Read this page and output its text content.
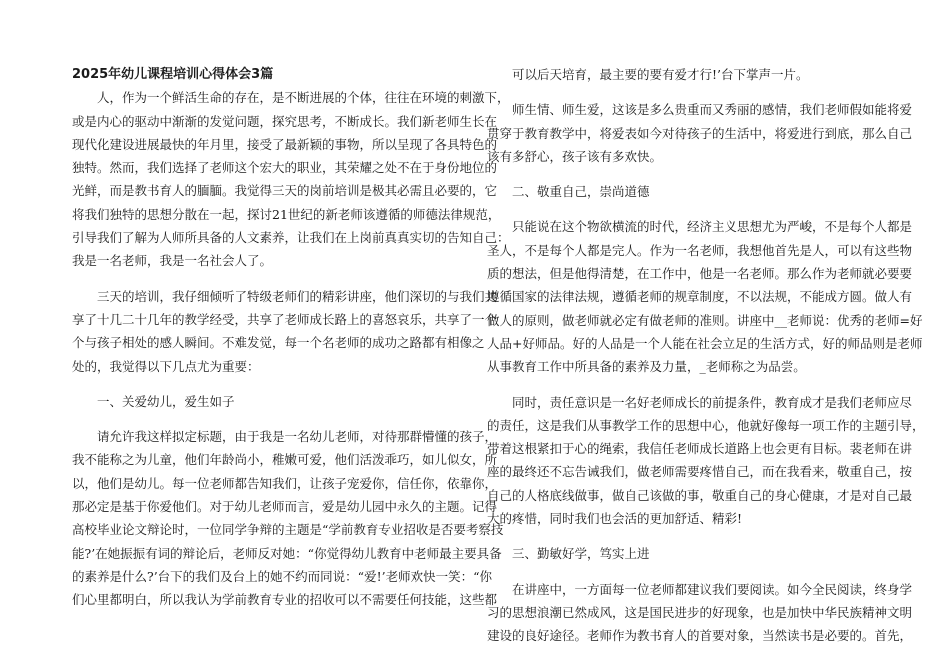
2025年幼儿课程培训心得体会3篇
人，作为一个鲜活生命的存在，是不断进展的个体，往往在环境的刺激下，
或是内心的驱动中渐渐的发觉问题，探究思考，不断成长。我们新老师生长在
现代化建设进展最快的年月里，接受了最新颖的事物，所以呈现了各具特色的
独特。然而，我们选择了老师这个宏大的职业，其荣耀之处不在于身份地位的
光鲜，而是教书育人的腼腼。我觉得三天的岗前培训是极其必需且必要的，它
将我们独特的思想分散在一起，探讨21世纪的新老师该遵循的师德法律规范，
引导我们了解为人师所具备的人文素养，让我们在上岗前真真实切的告知自己：
我是一名老师，我是一名社会人了。
三天的培训，我仔细倾听了特级老师们的精彩讲座，他们深切的与我们共
享了十几二十几年的教学经受，共享了老师成长路上的喜怒哀乐，共享了一个
个与孩子相处的感人瞬间。不难发觉，每一个名老师的成功之路都有相像之
处的，我觉得以下几点尤为重要：
一、关爱幼儿，爱生如子
请允许我这样拟定标题，由于我是一名幼儿老师，对待那群懵懂的孩子，
我不能称之为儿童，他们年龄尚小，稚嫩可爱，他们活泼乖巧，如儿似女，所
以，他们是幼儿。每一位老师都告知我们，让孩子宠爱你，信任你，依靠你，
那必定是基于你爱他们。对于幼儿老师而言，爱是幼儿园中永久的主题。记得
高校毕业论文辩论时，一位同学争辩的主题是“学前教育专业招收是否要考察技
能?’在她振振有词的辩论后，老师反对她：“你觉得幼儿教育中老师最主要具备
的素养是什么?’台下的我们及台上的她不约而同说：“爱!’老师欢快一笑：“你
们心里都明白，所以我认为学前教育专业的招收可以不需要任何技能，这些都
可以后天培育，最主要的要有爱才行!’台下掌声一片。
师生情、师生爱，这该是多么贵重而又秀丽的感情，我们老师假如能将爱
贯穿于教育教学中，将爱表如今对待孩子的生活中，将爱进行到底，那么自己
该有多舒心，孩子该有多欢快。
二、敬重自己，崇尚道德
只能说在这个物欲横流的时代，经济主义思想尤为严峻，不是每个人都是
圣人，不是每个人都是完人。作为一名老师，我想他首先是人，可以有这些物
质的想法，但是他得清楚，在工作中，他是一名老师。那么作为老师就必要要
遵循国家的法律法规，遵循老师的规章制度，不以法规，不能成方圆。做人有
做人的原则，做老师就必定有做老师的准则。讲座中__老师说：优秀的老师=好
人品+好师品。好的人品是一个人能在社会立足的生活方式，好的师品则是老师
从事教育工作中所具备的素养及力量，_老师称之为品尝。
同时，责任意识是一名好老师成长的前提条件，教育成才是我们老师应尽
的责任，这是我们从事教学工作的思想中心，他就好像每一项工作的主题引导，
带着这根紧扣于心的绳索，我信任老师成长道路上也会更有目标。裴老师在讲
座的最终还不忘告诫我们，做老师需要疼惜自己，而在我看来，敬重自己，按
自己的人格底线做事，做自己该做的事，敬重自己的身心健康，才是对自己最
大的疼惜，同时我们也会活的更加舒适、精彩!
三、勤敏好学，笃实上进
在讲座中，一方面每一位老师都建议我们要阅读。如今全民阅读，终身学
习的思想浪潮已然成风，这是国民进步的好现象，也是加快中华民族精神文明
建设的良好途径。老师作为教书育人的首要对象，当然读书是必要的。首先，
